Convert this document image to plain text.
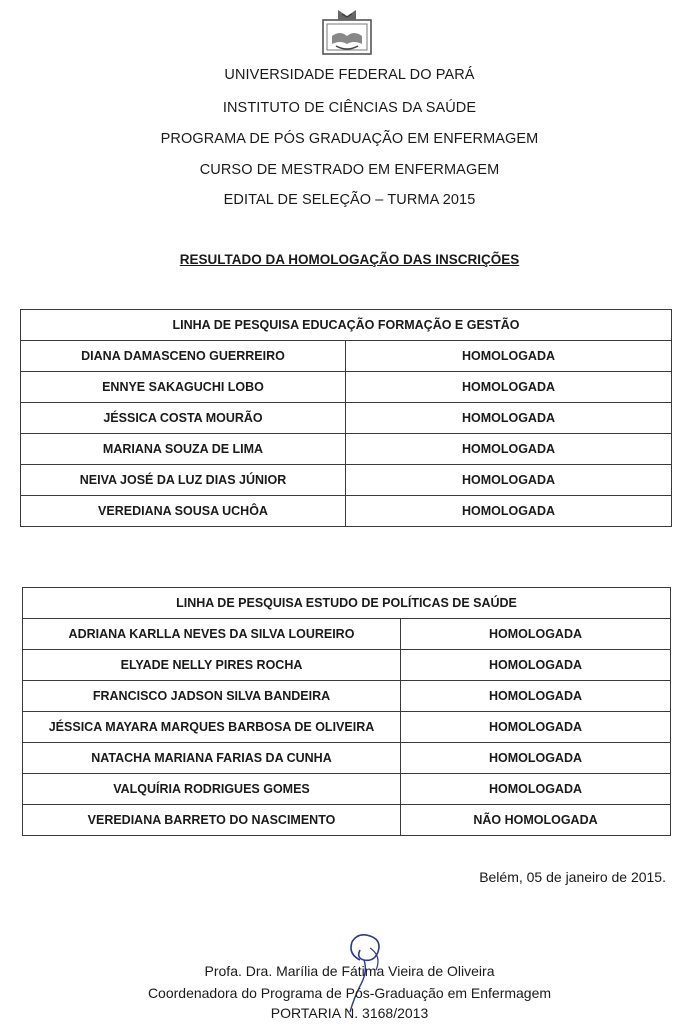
UNIVERSIDADE FEDERAL DO PARÁ
INSTITUTO DE CIÊNCIAS DA SAÚDE
PROGRAMA DE PÓS GRADUAÇÃO EM ENFERMAGEM
CURSO DE MESTRADO EM ENFERMAGEM
EDITAL DE SELEÇÃO – TURMA 2015
RESULTADO DA HOMOLOGAÇÃO DAS INSCRIÇÕES
LINHA DE PESQUISA EDUCAÇÃO FORMAÇÃO E GESTÃO	
DIANA DAMASCENO GUERREIRO	HOMOLOGADA
ENNYE SAKAGUCHI LOBO	HOMOLOGADA
JÉSSICA COSTA MOURÃO	HOMOLOGADA
MARIANA SOUZA DE LIMA	HOMOLOGADA
NEIVA JOSÉ DA LUZ DIAS JÚNIOR	HOMOLOGADA
VEREDIANA SOUSA UCHÔA	HOMOLOGADA
LINHA DE PESQUISA ESTUDO DE POLÍTICAS DE SAÚDE	
ADRIANA KARLLA NEVES DA SILVA LOUREIRO	HOMOLOGADA
ELYADE NELLY PIRES ROCHA	HOMOLOGADA
FRANCISCO JADSON SILVA BANDEIRA	HOMOLOGADA
JÉSSICA MAYARA MARQUES BARBOSA DE OLIVEIRA	HOMOLOGADA
NATACHA MARIANA FARIAS DA CUNHA	HOMOLOGADA
VALQUÍRIA RODRIGUES GOMES	HOMOLOGADA
VEREDIANA BARRETO DO NASCIMENTO	NÃO HOMOLOGADA
Belém, 05 de janeiro de 2015.
Profa. Dra. Marília de Fátima Vieira de Oliveira
Coordenadora do Programa de Pós-Graduação em Enfermagem
PORTARIA N. 3168/2013
